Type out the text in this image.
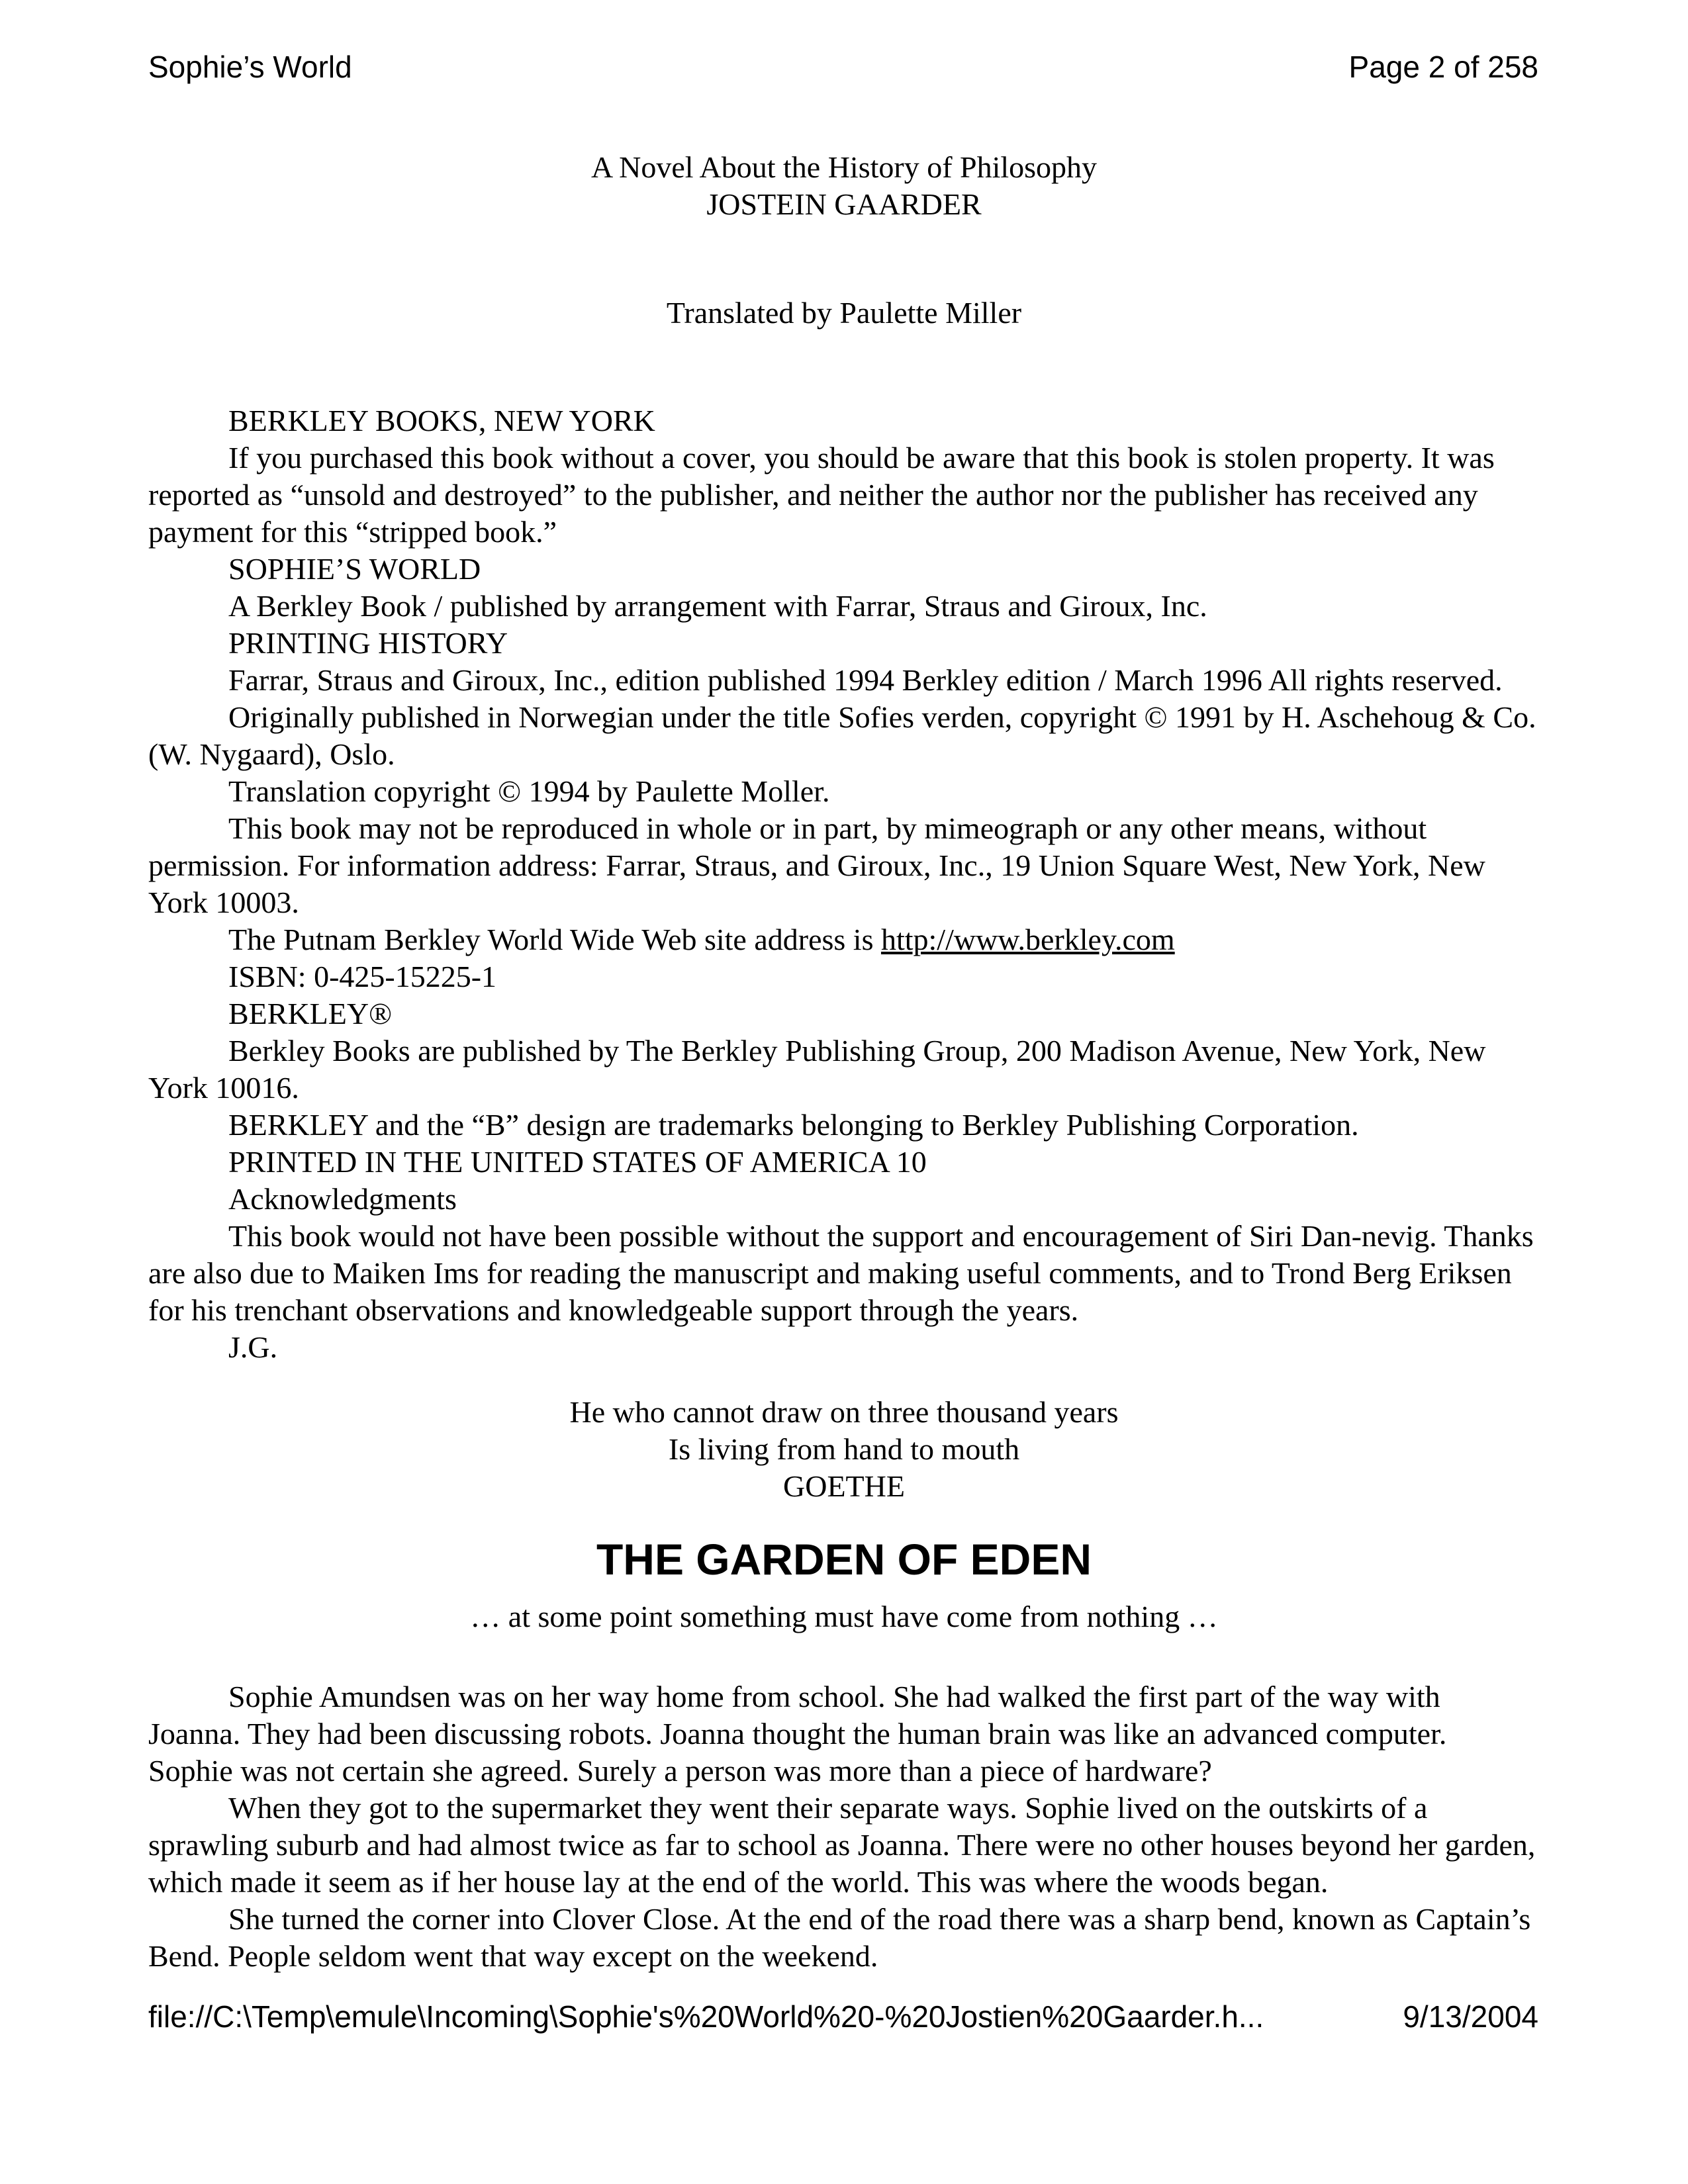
Sophie’s World	Page 2 of 258
A Novel About the History of Philosophy
JOSTEIN GAARDER
Translated by Paulette Miller

BERKLEY BOOKS, NEW YORK

If you purchased this book without a cover, you should be aware that this book is stolen property. It was reported as “unsold and destroyed” to the publisher, and neither the author nor the publisher has received any payment for this “stripped book.”

SOPHIE’S WORLD

A Berkley Book / published by arrangement with Farrar, Straus and Giroux, Inc.

PRINTING HISTORY

Farrar, Straus and Giroux, Inc., edition published 1994 Berkley edition / March 1996 All rights reserved.

Originally published in Norwegian under the title Sofies verden, copyright © 1991 by H. Aschehoug & Co. (W. Nygaard), Oslo.

Translation copyright © 1994 by Paulette Moller.

This book may not be reproduced in whole or in part, by mimeograph or any other means, without permission. For information address: Farrar, Straus, and Giroux, Inc., 19 Union Square West, New York, New York 10003.

The Putnam Berkley World Wide Web site address is http://www.berkley.com

ISBN: 0-425-15225-1

BERKLEY®

Berkley Books are published by The Berkley Publishing Group, 200 Madison Avenue, New York, New York 10016.

BERKLEY and the “B” design are trademarks belonging to Berkley Publishing Corporation.

PRINTED IN THE UNITED STATES OF AMERICA 10

Acknowledgments

This book would not have been possible without the support and encouragement of Siri Dan-nevig. Thanks are also due to Maiken Ims for reading the manuscript and making useful comments, and to Trond Berg Eriksen for his trenchant observations and knowledgeable support through the years.

J.G.

He who cannot draw on three thousand years
Is living from hand to mouth
GOETHE
THE GARDEN OF EDEN
… at some point something must have come from nothing …

Sophie Amundsen was on her way home from school. She had walked the first part of the way with Joanna. They had been discussing robots. Joanna thought the human brain was like an advanced computer. Sophie was not certain she agreed. Surely a person was more than a piece of hardware?

When they got to the supermarket they went their separate ways. Sophie lived on the outskirts of a sprawling suburb and had almost twice as far to school as Joanna. There were no other houses beyond her garden, which made it seem as if her house lay at the end of the world. This was where the woods began.

She turned the corner into Clover Close. At the end of the road there was a sharp bend, known as Captain’s Bend. People seldom went that way except on the weekend.

file://C:\Temp\emule\Incoming\Sophie's%20World%20-%20Jostien%20Gaarder.h...	9/13/2004
